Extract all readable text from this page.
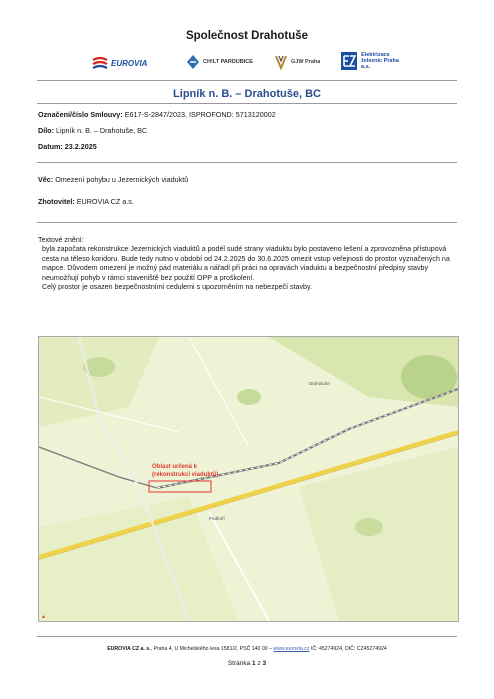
Společnost Drahotuše
EUROVIA	CH!LT PARDUBICE	GJW Praha
Elektrizace železnic Praha a.s.
Lipník n. B. – Drahotuše, BC
Označení/číslo Smlouvy: E617-S-2847/2023, ISPROFOND: 5713120002
Dílo: Lipník n. B. – Drahotuše, BC
Datum: 23.2.2025
Věc: Omezení pohybu u Jezernických viaduktů
Zhotovitel: EUROVIA CZ a.s.

Textové znění:

byla započata rekonstrukce Jezernických viaduktů a podél sudé strany viaduktu bylo postaveno lešení a zprovozněna přístupová cesta na těleso koridoru. Bude tedy nutno v období od 24.2.2025 do 30.6.2025 omezit vstup veřejnosti do prostor vyznačených na mapce. Důvodem omezení je možný pád materiálu a nářadí při práci na opravách viaduktu a bezpečnostní předpisy stavby neumožňují pohyb v rámci staveniště bez použití OPP a proškolení.

Celý prostor je osazen bezpečnostními cedulemi s upozorněním na nebezpečí stavby.

Oblast určená k
(rekonstrukci viaduktů)
Drahotuše
Podhoří
▲
EUROVIA CZ a. s., Praha 4, U Michelského lesa 1581/2, PSČ 140 00 – www.eurovia.cz IČ: 45274924, DIČ: CZ45274924
Stránka 1 z 3
